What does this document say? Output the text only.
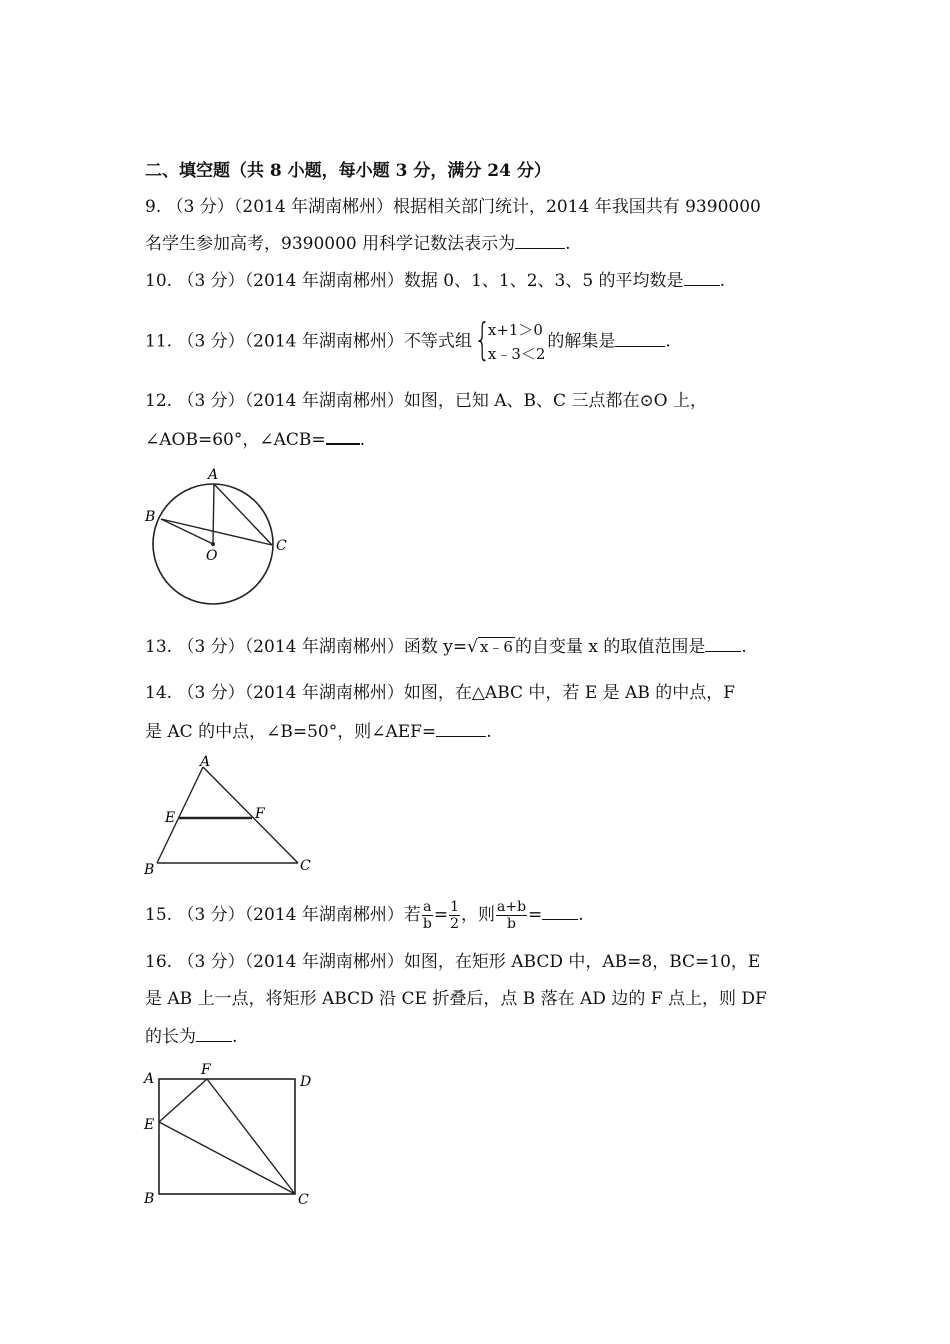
二、填空题（共 8 小题，每小题 3 分，满分 24 分）
9. （3 分）（2014 年湖南郴州）根据相关部门统计，2014 年我国共有 9390000
名学生参加高考，9390000 用科学记数法表示为	.
10. （3 分）（2014 年湖南郴州）数据 0、1、1、2、3、5 的平均数是 .
11. （3 分）（2014 年湖南郴州）不等式组 {
x+1＞0
x﹣3＜2
的解集是	.
12. （3 分）（2014 年湖南郴州）如图，已知 A、B、C 三点都在⊙O 上，
∠AOB=60°，∠ACB= .
A
B
C
O
13. （3 分）（2014 年湖南郴州）函数 y=√ x﹣6 的自变量 x 的取值范围是 .
14. （3 分）（2014 年湖南郴州）如图，在△ABC 中，若 E 是 AB 的中点，F
是 AC 的中点，∠B=50°，则∠AEF=	.
A
B	C
E	F
15. （3 分）（2014 年湖南郴州）若 $\frac{a}{b} = \frac{1}{2}$ ，则 $\frac{a+b}{b}$ = .
16. （3 分）（2014 年湖南郴州）如图，在矩形 ABCD 中，AB=8，BC=10，E
是 AB 上一点，将矩形 ABCD 沿 CE 折叠后，点 B 落在 AD 边的 F 点上，则 DF
的长为 .
A
B	C
D
E
F
